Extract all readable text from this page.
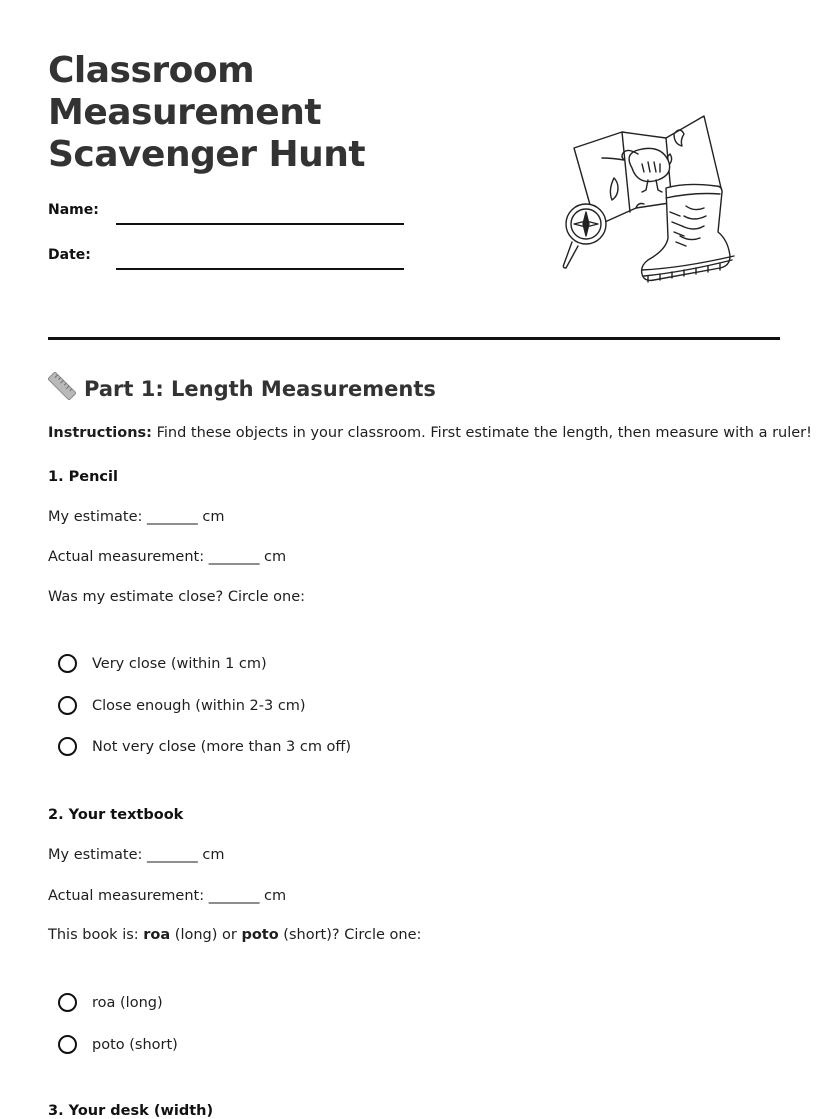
Classroom
Measurement
Scavenger Hunt
Name:
Date:
Part 1: Length Measurements
Instructions: Find these objects in your classroom. First estimate the length, then measure with a ruler!
1. Pencil
My estimate: _______ cm
Actual measurement: _______ cm
Was my estimate close? Circle one:
Very close (within 1 cm)
Close enough (within 2-3 cm)
Not very close (more than 3 cm off)
2. Your textbook
My estimate: _______ cm
Actual measurement: _______ cm
This book is: roa (long) or poto (short)? Circle one:
roa (long)
poto (short)
3. Your desk (width)
